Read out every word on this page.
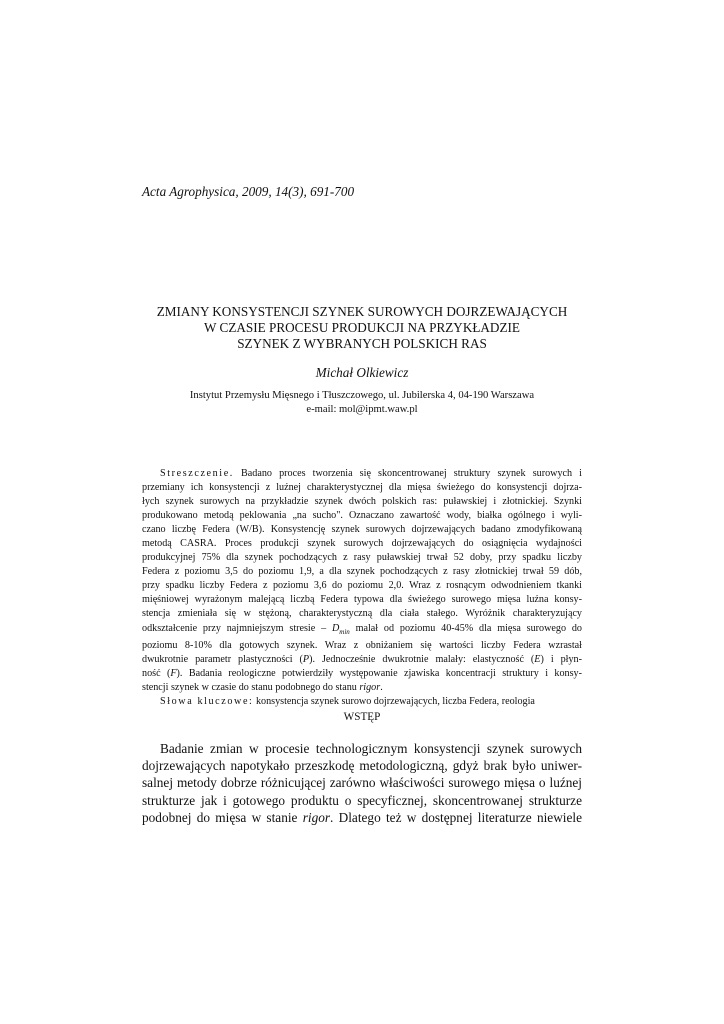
Acta Agrophysica, 2009, 14(3), 691-700
ZMIANY KONSYSTENCJI SZYNEK SUROWYCH DOJRZEWAJĄCYCH
W CZASIE PROCESU PRODUKCJI NA PRZYKŁADZIE
SZYNEK Z WYBRANYCH POLSKICH RAS
Michał Olkiewicz
Instytut Przemysłu Mięsnego i Tłuszczowego, ul. Jubilerska 4, 04-190 Warszawa
e-mail: mol@ipmt.waw.pl
Streszczenie. Badano proces tworzenia się skoncentrowanej struktury szynek surowych i
przemiany ich konsystencji z luźnej charakterystycznej dla mięsa świeżego do konsystencji dojrza-
łych szynek surowych na przykładzie szynek dwóch polskich ras: puławskiej i złotnickiej. Szynki
produkowano metodą peklowania „na sucho". Oznaczano zawartość wody, białka ogólnego i wyli-
czano liczbę Federa (W/B). Konsystencję szynek surowych dojrzewających badano zmodyfikowaną
metodą CASRA. Proces produkcji szynek surowych dojrzewających do osiągnięcia wydajności
produkcyjnej 75% dla szynek pochodzących z rasy puławskiej trwał 52 doby, przy spadku liczby
Federa z poziomu 3,5 do poziomu 1,9, a dla szynek pochodzących z rasy złotnickiej trwał 59 dób,
przy spadku liczby Federa z poziomu 3,6 do poziomu 2,0. Wraz z rosnącym odwodnieniem tkanki
mięśniowej wyrażonym malejącą liczbą Federa typowa dla świeżego surowego mięsa luźna konsy-
stencja zmieniała się w stężoną, charakterystyczną dla ciała stałego. Wyróżnik charakteryzujący
odkształcenie przy najmniejszym stresie – $D_{min}$ malał od poziomu 40-45% dla mięsa surowego do
poziomu 8-10% dla gotowych szynek. Wraz z obniżaniem się wartości liczby Federa wzrastał
dwukrotnie parametr plastyczności (P). Jednocześnie dwukrotnie malały: elastyczność (E) i płyn-
ność (F). Badania reologiczne potwierdziły występowanie zjawiska koncentracji struktury i konsy-
stencji szynek w czasie do stanu podobnego do stanu rigor.
Słowa kluczowe: konsystencja szynek surowo dojrzewających, liczba Federa, reologia
WSTĘP
Badanie zmian w procesie technologicznym konsystencji szynek surowych
dojrzewających napotykało przeszkodę metodologiczną, gdyż brak było uniwer-
salnej metody dobrze różnicującej zarówno właściwości surowego mięsa o luźnej
strukturze jak i gotowego produktu o specyficznej, skoncentrowanej strukturze
podobnej do mięsa w stanie rigor. Dlatego też w dostępnej literaturze niewiele
